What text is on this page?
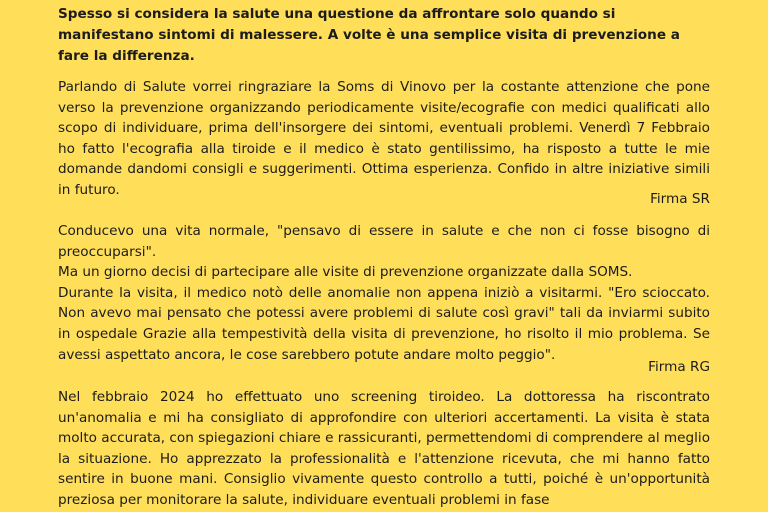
Spesso si considera la salute una questione da affrontare solo quando si manifestano sintomi di malessere. A volte è una semplice visita di prevenzione a fare la differenza.

Parlando di Salute vorrei ringraziare la Soms di Vinovo per la costante attenzione che pone verso la prevenzione organizzando periodicamente visite/ecografie con medici qualificati allo scopo di individuare, prima dell'insorgere dei sintomi, eventuali problemi. Venerdì 7 Febbraio ho fatto l'ecografia alla tiroide e il medico è stato gentilissimo, ha risposto a tutte le mie domande dandomi consigli e suggerimenti. Ottima esperienza. Confido in altre iniziative simili in futuro.

Firma SR

Conducevo una vita normale, "pensavo di essere in salute e che non ci fosse bisogno di preoccuparsi".

Ma un giorno decisi di partecipare alle visite di prevenzione organizzate dalla SOMS.

Durante la visita, il medico notò delle anomalie non appena iniziò a visitarmi. "Ero scioccato. Non avevo mai pensato che potessi avere problemi di salute così gravi" tali da inviarmi subito in ospedale Grazie alla tempestività della visita di prevenzione, ho risolto il mio problema. Se avessi aspettato ancora, le cose sarebbero potute andare molto peggio".

Firma RG

Nel febbraio 2024 ho effettuato uno screening tiroideo. La dottoressa ha riscontrato un'anomalia e mi ha consigliato di approfondire con ulteriori accertamenti. La visita è stata molto accurata, con spiegazioni chiare e rassicuranti, permettendomi di comprendere al meglio la situazione. Ho apprezzato la professionalità e l'attenzione ricevuta, che mi hanno fatto sentire in buone mani. Consiglio vivamente questo controllo a tutti, poiché è un'opportunità preziosa per monitorare la salute, individuare eventuali problemi in fase
